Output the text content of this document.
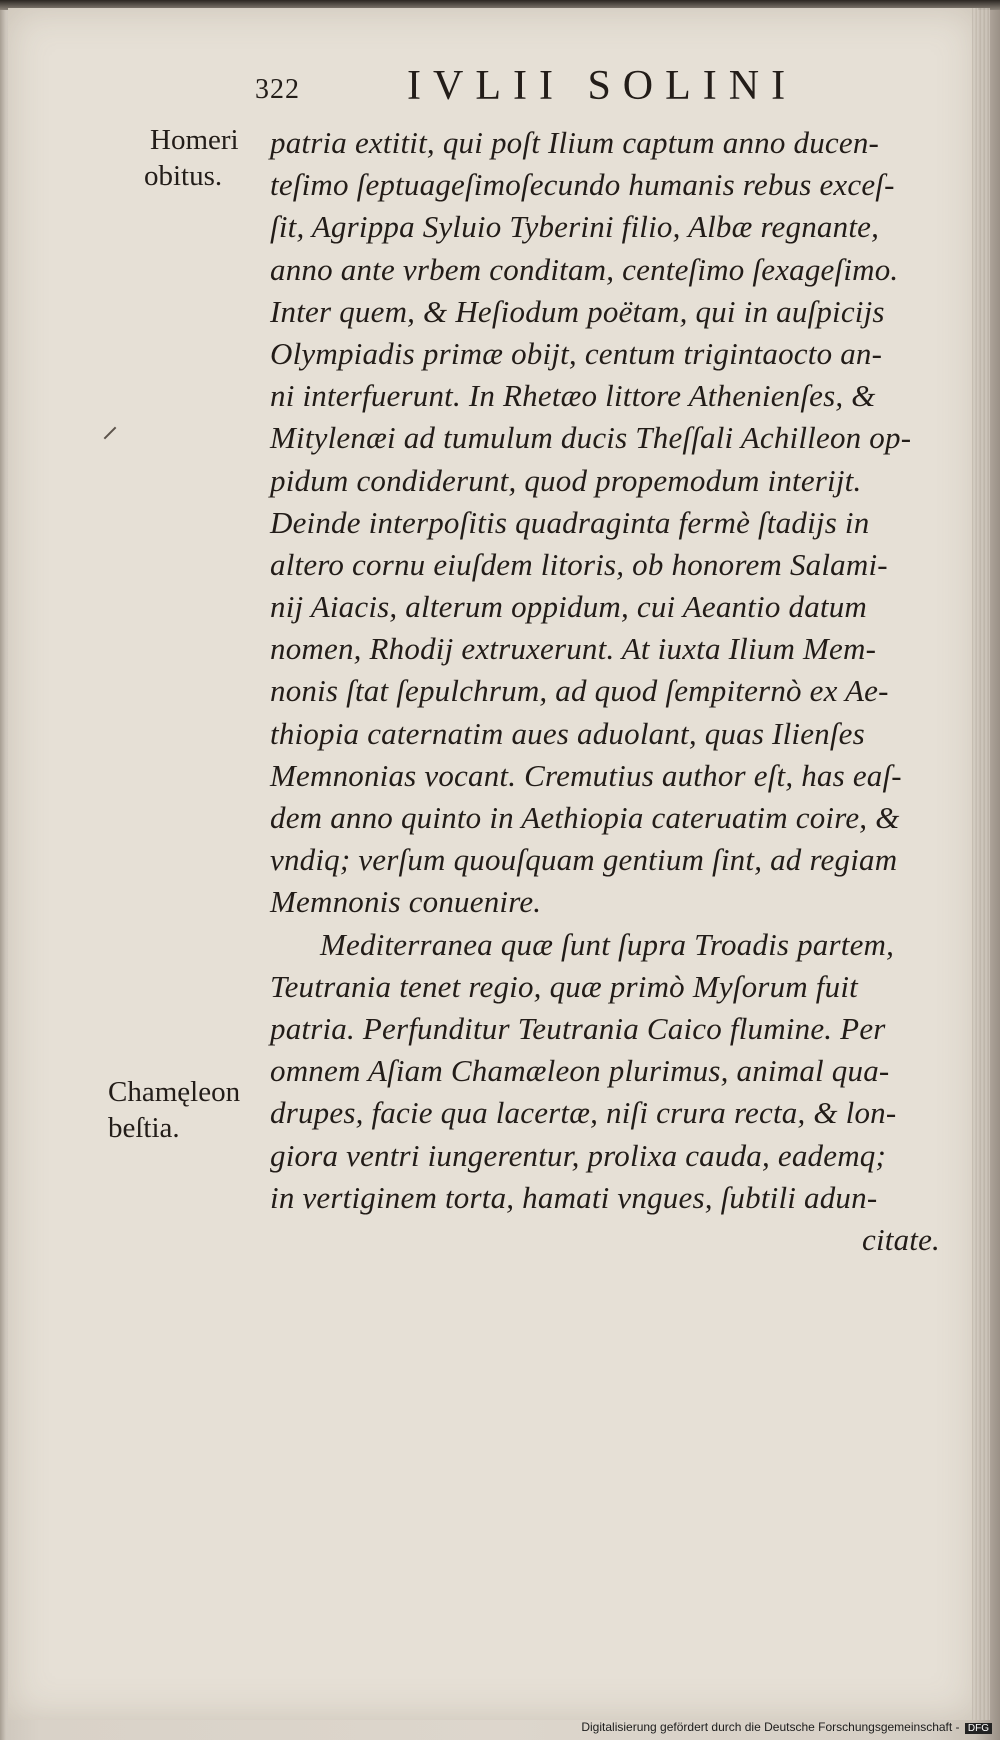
322	IVLII SOLINI
Homeri
obitus.
Chamęleon
beſtia.
patria extitit, qui poſt Ilium captum anno ducen-
teſimo ſeptuageſimoſecundo humanis rebus exceſ-
ſit, Agrippa Syluio Tyberini filio, Albæ regnante,
anno ante vrbem conditam, centeſimo ſexageſimo.
Inter quem, & Heſiodum poëtam, qui in auſpicijs
Olympiadis primæ obijt, centum trigintaocto an-
ni interfuerunt. In Rhetæo littore Athenienſes, &
Mitylenæi ad tumulum ducis Theſſali Achilleon op-
pidum condiderunt, quod propemodum interijt.
Deinde interpoſitis quadraginta fermè ſtadijs in
altero cornu eiuſdem litoris, ob honorem Salami-
nij Aiacis, alterum oppidum, cui Aeantio datum
nomen, Rhodij extruxerunt. At iuxta Ilium Mem-
nonis ſtat ſepulchrum, ad quod ſempiternò ex Ae-
thiopia caternatim aues aduolant, quas Ilienſes
Memnonias vocant. Cremutius author eſt, has eaſ-
dem anno quinto in Aethiopia cateruatim coire, &
vndiq; verſum quouſquam gentium ſint, ad regiam
Memnonis conuenire.
Mediterranea quæ ſunt ſupra Troadis partem,
Teutrania tenet regio, quæ primò Myſorum fuit
patria. Perfunditur Teutrania Caico flumine. Per
omnem Aſiam Chamæleon plurimus, animal qua-
drupes, facie qua lacertæ, niſi crura recta, & lon-
giora ventri iungerentur, prolixa cauda, eademq;
in vertiginem torta, hamati vngues, ſubtili adun-
citate.
Digitalisierung gefördert durch die Deutsche Forschungsgemeinschaft - DFG
